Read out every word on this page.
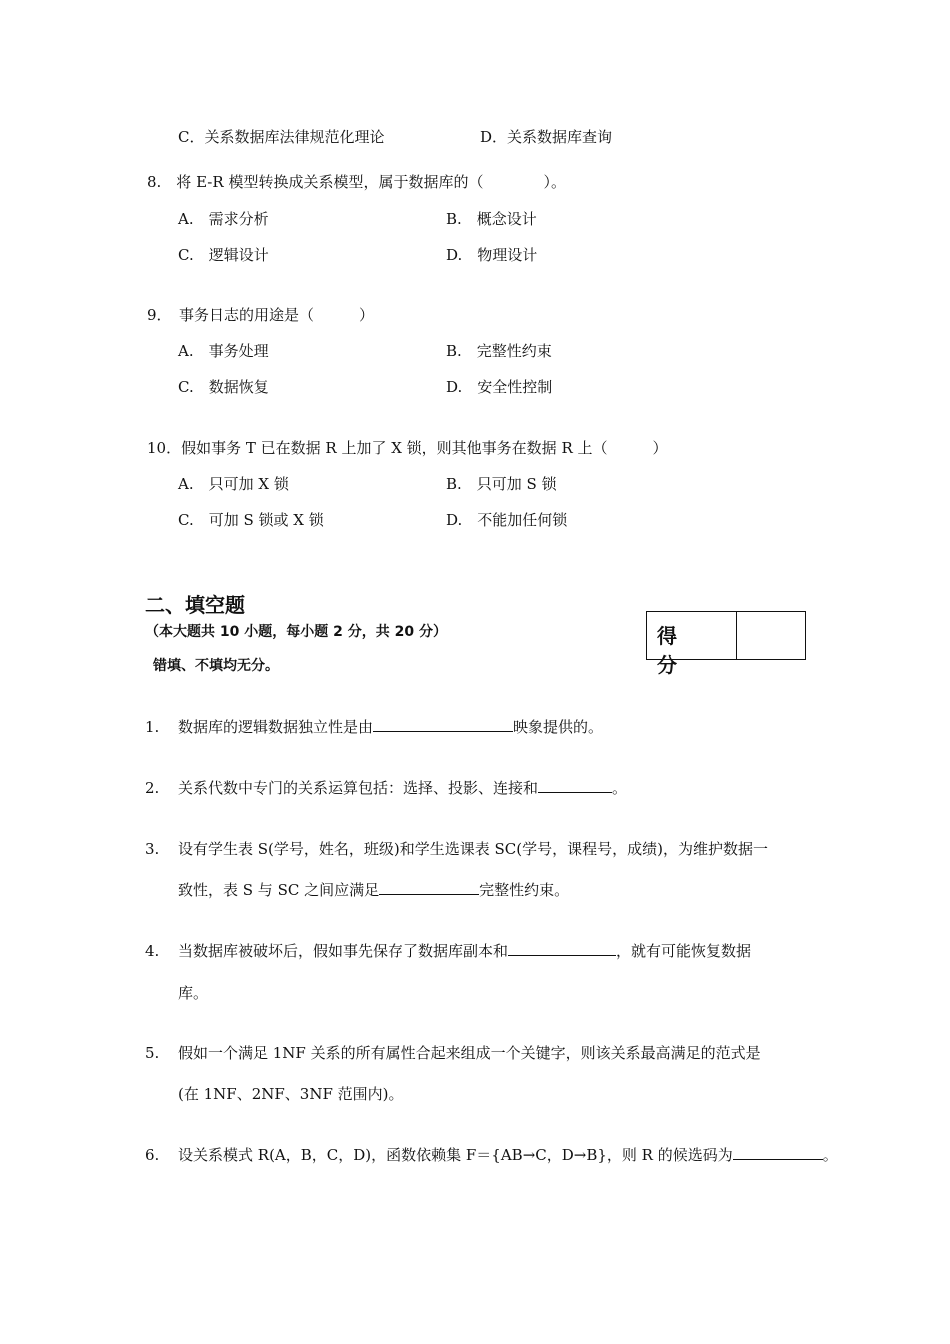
C．关系数据库法律规范化理论	D．关系数据库查询
8.　将 E-R 模型转换成关系模型，属于数据库的（　　　　）。
A.　需求分析	B.　概念设计
C.　逻辑设计	D.　物理设计
9．　事务日志的用途是（　　　）
A.　事务处理	B.　完整性约束
C.　数据恢复	D.　安全性控制
10．假如事务 T 已在数据 R 上加了 X 锁，则其他事务在数据 R 上（　　　）
A.　只可加 X 锁	B.　只可加 S 锁
C.　可加 S 锁或 X 锁	D.　不能加任何锁
二、填空题
（本大题共 10 小题，每小题 2 分，共 20 分）
错填、不填均无分。
得 分
1. 数据库的逻辑数据独立性是由	映象提供的。
2. 关系代数中专门的关系运算包括：选择、投影、连接和	。
3. 设有学生表 S(学号，姓名，班级)和学生选课表 SC(学号，课程号，成绩)，为维护数据一
致性，表 S 与 SC 之间应满足	完整性约束。
4. 当数据库被破坏后，假如事先保存了数据库副本和	，就有可能恢复数据
库。
5. 假如一个满足 1NF 关系的所有属性合起来组成一个关键字，则该关系最高满足的范式是
(在 1NF、2NF、3NF 范围内)。
6. 设关系模式 R(A，B，C，D)，函数依赖集 F＝{AB→C，D→B}，则 R 的候选码为	。
